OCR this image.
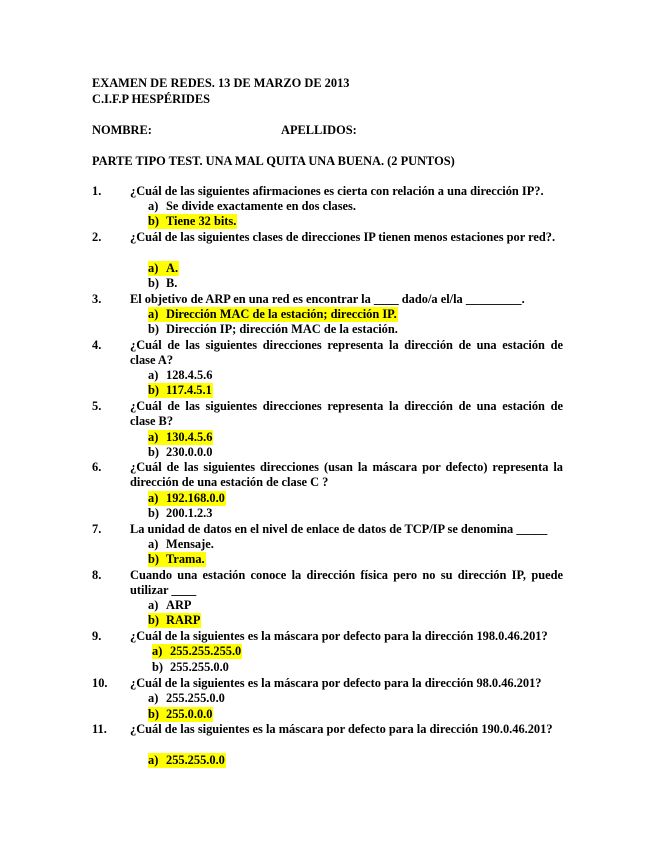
EXAMEN DE REDES. 13 DE MARZO DE 2013
C.I.F.P HESPÉRIDES
NOMBRE:	APELLIDOS:
PARTE TIPO TEST. UNA MAL QUITA UNA BUENA. (2 PUNTOS)
1.	¿Cuál de las siguientes afirmaciones es cierta con relación a una dirección IP?.
a) Se divide exactamente en dos clases.
b) Tiene 32 bits.
2.	¿Cuál de las siguientes clases de direcciones IP tienen menos estaciones por red?.
a) A.
b) B.
3.	El objetivo de ARP en una red es encontrar la ____ dado/a el/la _________.
a) Dirección MAC de la estación; dirección IP.
b) Dirección IP; dirección MAC de la estación.
4.	¿Cuál de las siguientes direcciones representa la dirección de una estación de clase A?
a) 128.4.5.6
b) 117.4.5.1
5.	¿Cuál de las siguientes direcciones representa la dirección de una estación de clase B?
a) 130.4.5.6
b) 230.0.0.0
6.	¿Cuál de las siguientes direcciones (usan la máscara por defecto) representa la dirección de una estación de clase C ?
a) 192.168.0.0
b) 200.1.2.3
7.	La unidad de datos en el nivel de enlace de datos de TCP/IP se denomina _____
a) Mensaje.
b) Trama.
8.	Cuando una estación conoce la dirección física pero no su dirección IP, puede utilizar ____
a) ARP
b) RARP
9.	¿Cuál de la siguientes es la máscara por defecto para la dirección 198.0.46.201?
a) 255.255.255.0
b) 255.255.0.0
10.	¿Cuál de la siguientes es la máscara por defecto para la dirección 98.0.46.201?
a) 255.255.0.0
b) 255.0.0.0
11.	¿Cuál de las siguientes es la máscara por defecto para la dirección 190.0.46.201?
a) 255.255.0.0
